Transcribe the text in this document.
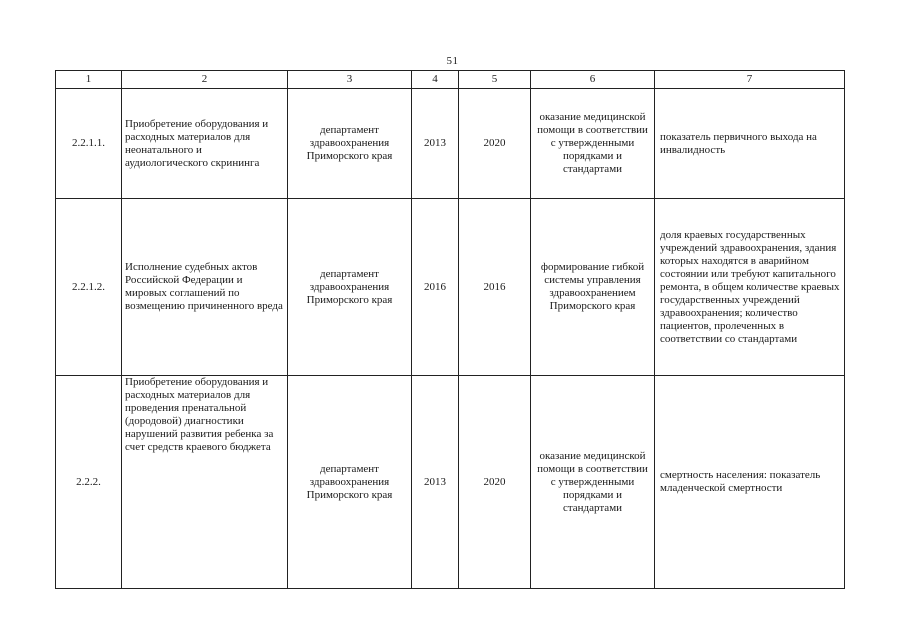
51
1	2	3	4	5	6	7
2.2.1.1.	Приобретение оборудования и расходных материалов для неонатального и аудиологического скрининга	департамент здравоохранения Приморского края	2013	2020	оказание медицинской помощи в соответствии с утвержденными порядками и стандартами	показатель первичного выхода на инвалидность
2.2.1.2.	Исполнение судебных актов Российской Федерации и мировых соглашений по возмещению причиненного вреда	департамент здравоохранения Приморского края	2016	2016	формирование гибкой системы управления здравоохранением Приморского края	доля краевых государственных учреждений здравоохранения, здания которых находятся в аварийном состоянии или требуют капитального ремонта, в общем количестве краевых государственных учреждений здравоохранения; количество пациентов, пролеченных в соответствии со стандартами
2.2.2.	Приобретение оборудования и расходных материалов для проведения пренатальной (дородовой) диагностики нарушений развития ребенка за счет средств краевого бюджета	департамент здравоохранения Приморского края	2013	2020	оказание медицинской помощи в соответствии с утвержденными порядками и стандартами	смертность населения: показатель младенческой смертности
